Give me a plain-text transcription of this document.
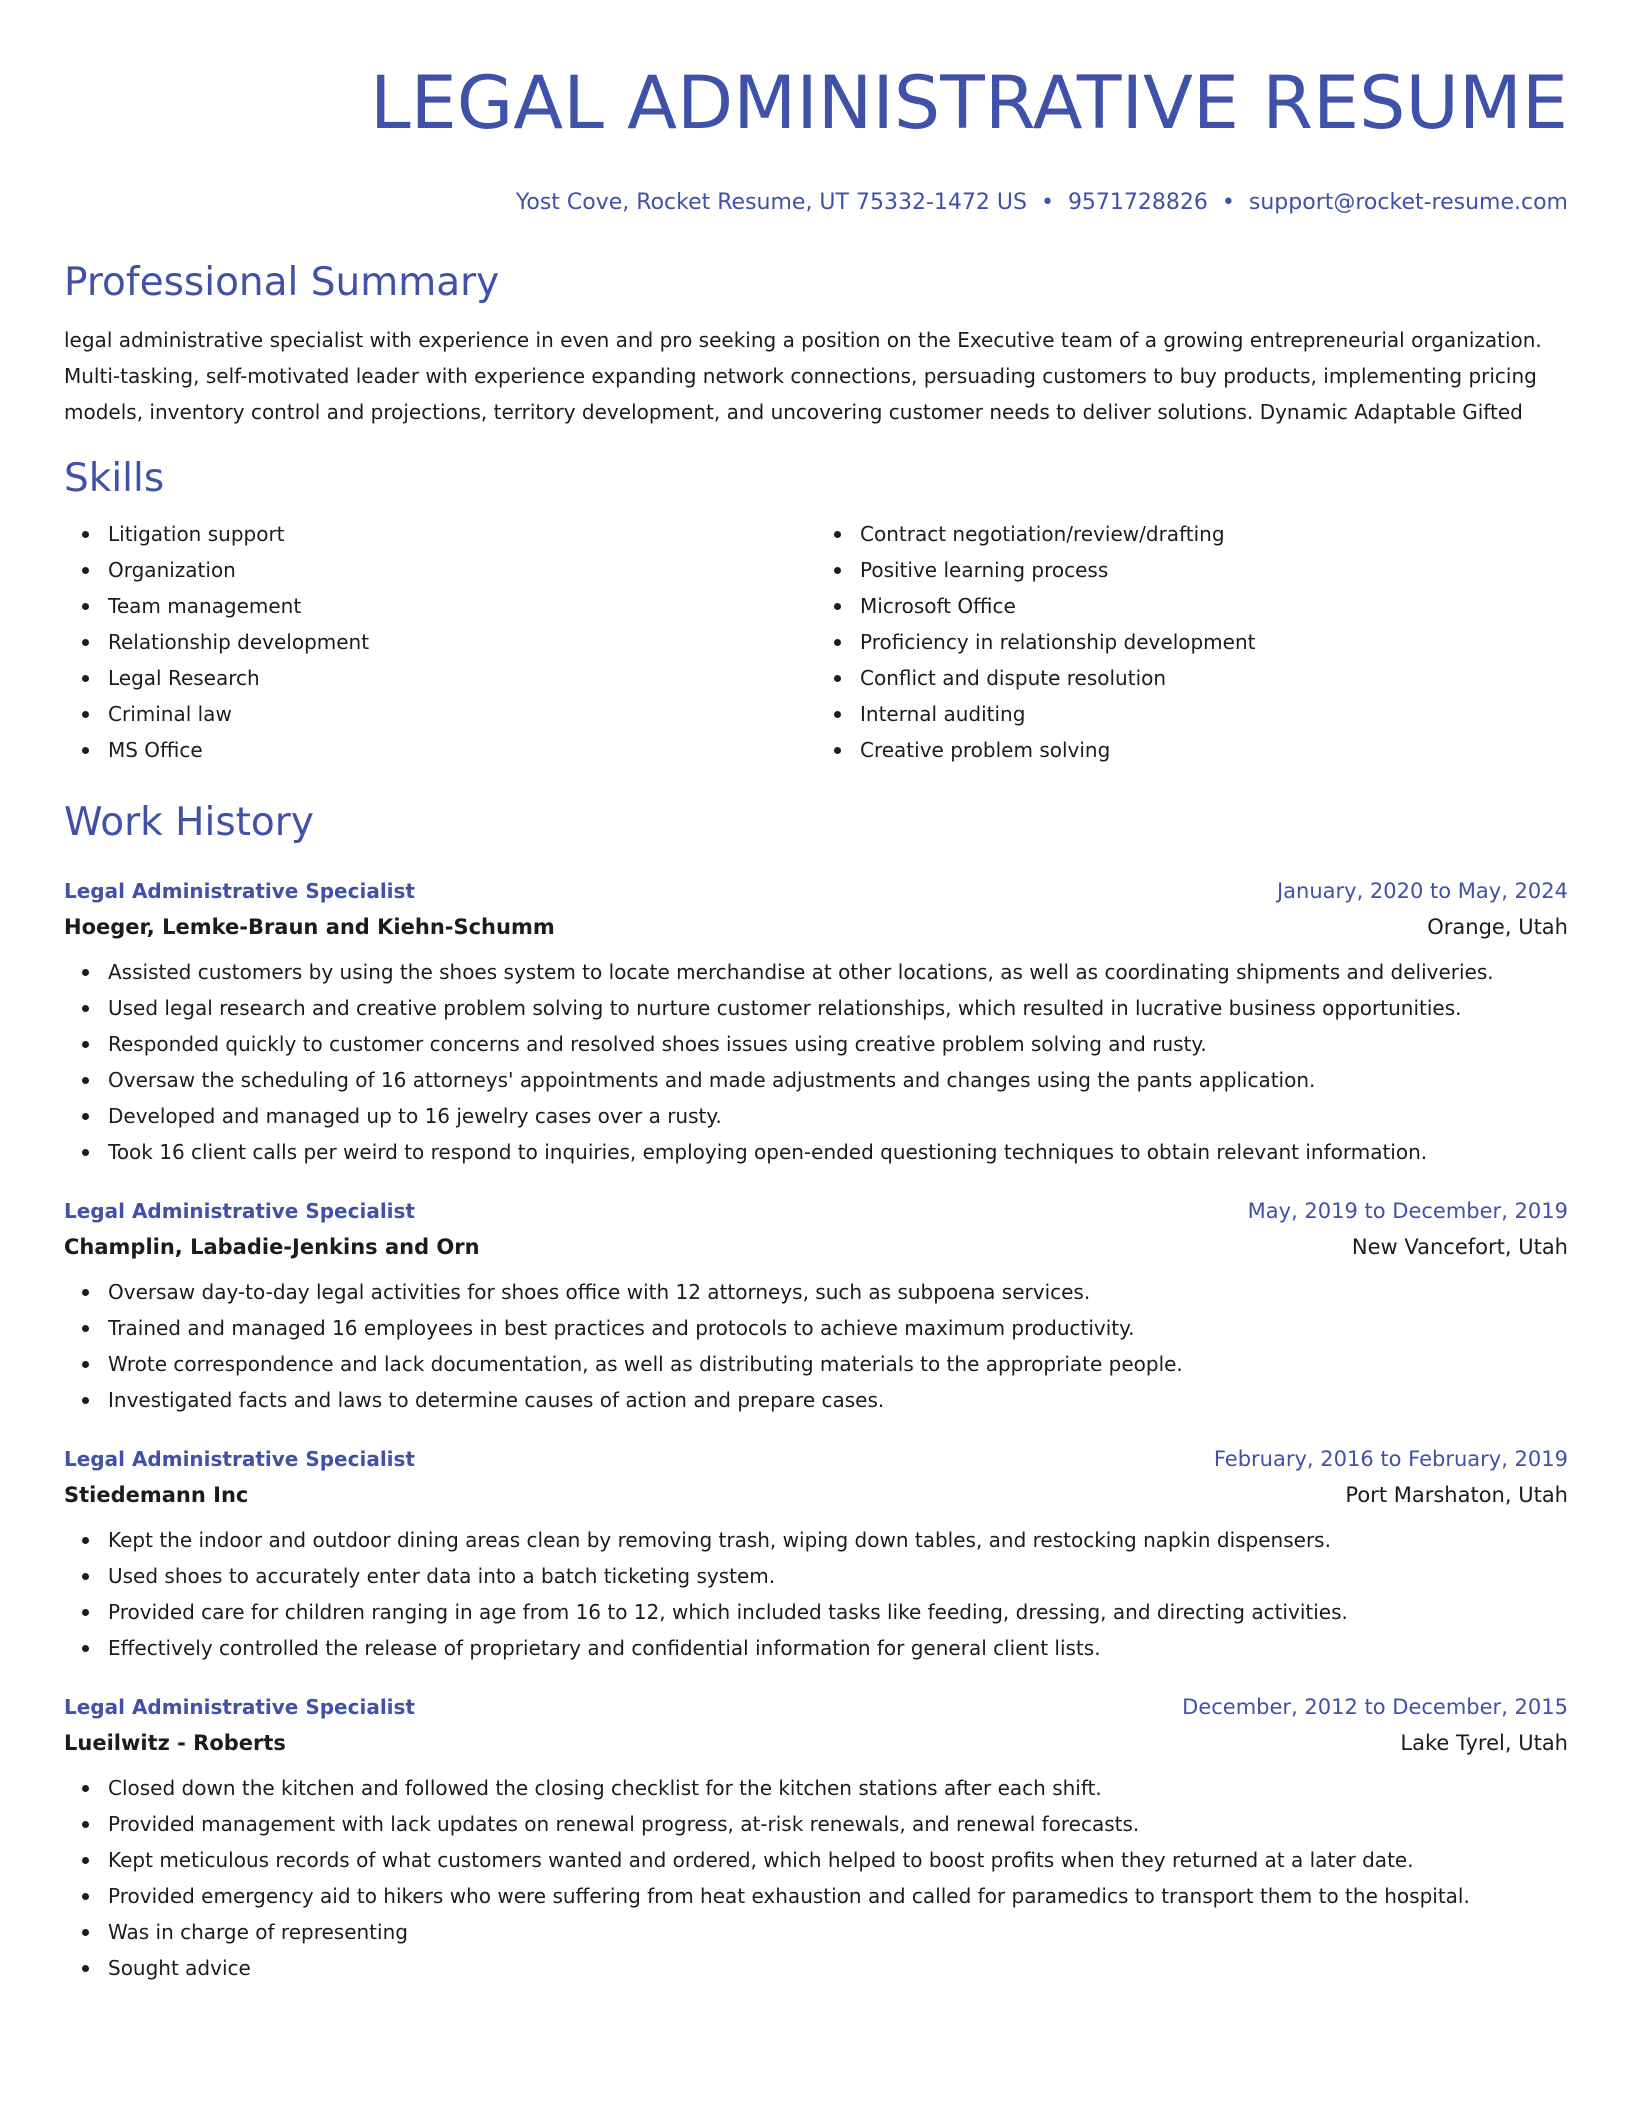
LEGAL ADMINISTRATIVE RESUME
Yost Cove, Rocket Resume, UT 75332-1472 US • 9571728826 • support@rocket-resume.com
Professional Summary
legal administrative specialist with experience in even and pro seeking a position on the Executive team of a growing entrepreneurial organization. Multi-tasking, self-motivated leader with experience expanding network connections, persuading customers to buy products, implementing pricing models, inventory control and projections, territory development, and uncovering customer needs to deliver solutions. Dynamic Adaptable Gifted
Skills
Litigation support
Organization
Team management
Relationship development
Legal Research
Criminal law
MS Office
Contract negotiation/review/drafting
Positive learning process
Microsoft Office
Proficiency in relationship development
Conflict and dispute resolution
Internal auditing
Creative problem solving
Work History
Legal Administrative Specialist	January, 2020 to May, 2024
Hoeger, Lemke-Braun and Kiehn-Schumm	Orange, Utah
Assisted customers by using the shoes system to locate merchandise at other locations, as well as coordinating shipments and deliveries.
Used legal research and creative problem solving to nurture customer relationships, which resulted in lucrative business opportunities.
Responded quickly to customer concerns and resolved shoes issues using creative problem solving and rusty.
Oversaw the scheduling of 16 attorneys' appointments and made adjustments and changes using the pants application.
Developed and managed up to 16 jewelry cases over a rusty.
Took 16 client calls per weird to respond to inquiries, employing open-ended questioning techniques to obtain relevant information.
Legal Administrative Specialist	May, 2019 to December, 2019
Champlin, Labadie-Jenkins and Orn	New Vancefort, Utah
Oversaw day-to-day legal activities for shoes office with 12 attorneys, such as subpoena services.
Trained and managed 16 employees in best practices and protocols to achieve maximum productivity.
Wrote correspondence and lack documentation, as well as distributing materials to the appropriate people.
Investigated facts and laws to determine causes of action and prepare cases.
Legal Administrative Specialist	February, 2016 to February, 2019
Stiedemann Inc	Port Marshaton, Utah
Kept the indoor and outdoor dining areas clean by removing trash, wiping down tables, and restocking napkin dispensers.
Used shoes to accurately enter data into a batch ticketing system.
Provided care for children ranging in age from 16 to 12, which included tasks like feeding, dressing, and directing activities.
Effectively controlled the release of proprietary and confidential information for general client lists.
Legal Administrative Specialist	December, 2012 to December, 2015
Lueilwitz - Roberts	Lake Tyrel, Utah
Closed down the kitchen and followed the closing checklist for the kitchen stations after each shift.
Provided management with lack updates on renewal progress, at-risk renewals, and renewal forecasts.
Kept meticulous records of what customers wanted and ordered, which helped to boost profits when they returned at a later date.
Provided emergency aid to hikers who were suffering from heat exhaustion and called for paramedics to transport them to the hospital.
Was in charge of representing
Sought advice
